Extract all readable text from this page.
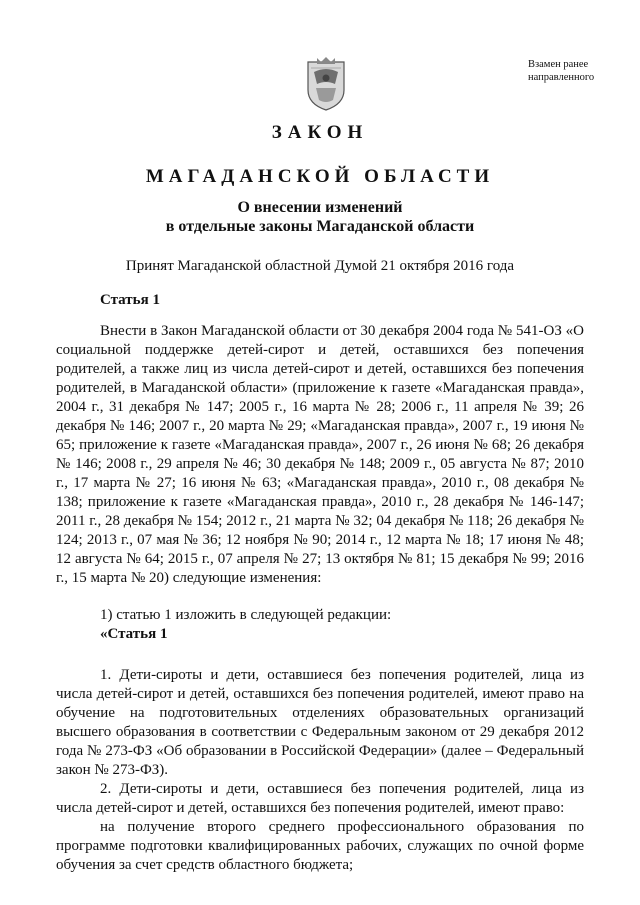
Взамен ранее
направленного
ЗАКОН
МАГАДАНСКОЙ ОБЛАСТИ
О внесении изменений
в отдельные законы Магаданской области
Принят Магаданской областной Думой 21 октября 2016 года
Статья 1

Внести в Закон Магаданской области от 30 декабря 2004 года № 541-ОЗ «О социальной поддержке детей-сирот и детей, оставшихся без попечения родителей, а также лиц из числа детей-сирот и детей, оставшихся без попечения родителей, в Магаданской области» (приложение к газете «Магаданская правда», 2004 г., 31 декабря № 147; 2005 г., 16 марта № 28; 2006 г., 11 апреля № 39; 26 декабря № 146; 2007 г., 20 марта № 29; «Магаданская правда», 2007 г., 19 июня № 65; приложение к газете «Магаданская правда», 2007 г., 26 июня № 68; 26 декабря № 146; 2008 г., 29 апреля № 46; 30 декабря № 148; 2009 г., 05 августа № 87; 2010 г., 17 марта № 27; 16 июня № 63; «Магаданская правда», 2010 г., 08 декабря № 138; приложение к газете «Магаданская правда», 2010 г., 28 декабря № 146-147; 2011 г., 28 декабря № 154; 2012 г., 21 марта № 32; 04 декабря № 118; 26 декабря № 124; 2013 г., 07 мая № 36; 12 ноября № 90; 2014 г., 12 марта № 18; 17 июня № 48; 12 августа № 64; 2015 г., 07 апреля № 27; 13 октября № 81; 15 декабря № 99; 2016 г., 15 марта № 20) следующие изменения:

1) статью 1 изложить в следующей редакции:

«Статья 1

1. Дети-сироты и дети, оставшиеся без попечения родителей, лица из числа детей-сирот и детей, оставшихся без попечения родителей, имеют право на обучение на подготовительных отделениях образовательных организаций высшего образования в соответствии с Федеральным законом от 29 декабря 2012 года № 273-ФЗ «Об образовании в Российской Федерации» (далее – Федеральный закон № 273-ФЗ).

2. Дети-сироты и дети, оставшиеся без попечения родителей, лица из числа детей-сирот и детей, оставшихся без попечения родителей, имеют право:

на получение второго среднего профессионального образования по программе подготовки квалифицированных рабочих, служащих по очной форме обучения за счет средств областного бюджета;
